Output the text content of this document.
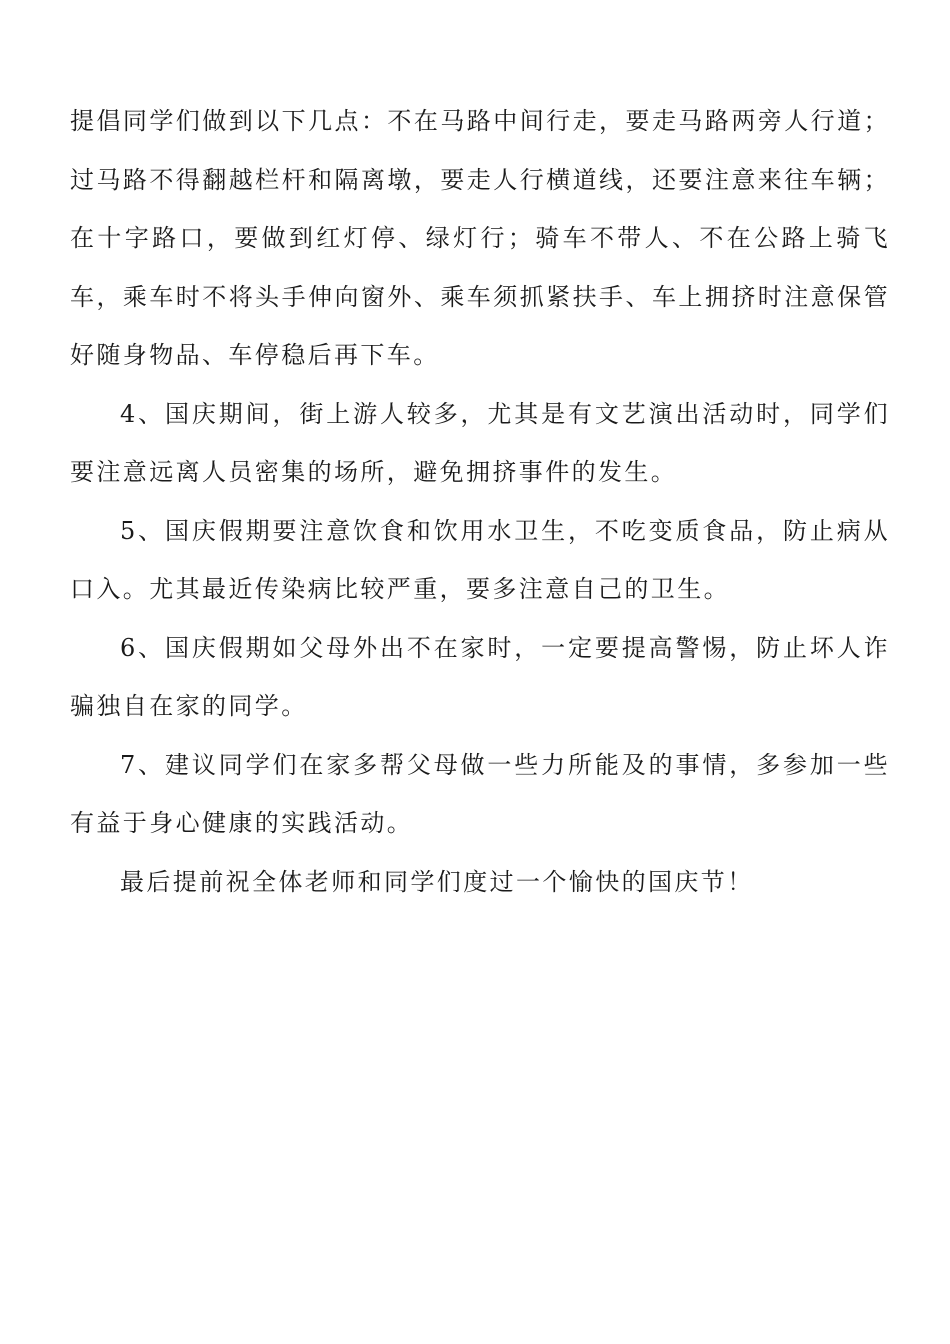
提倡同学们做到以下几点：不在马路中间行走，要走马路两旁人行道；过马路不得翻越栏杆和隔离墩，要走人行横道线，还要注意来往车辆；在十字路口，要做到红灯停、绿灯行；骑车不带人、不在公路上骑飞车，乘车时不将头手伸向窗外、乘车须抓紧扶手、车上拥挤时注意保管好随身物品、车停稳后再下车。

4、国庆期间，街上游人较多，尤其是有文艺演出活动时，同学们要注意远离人员密集的场所，避免拥挤事件的发生。

5、国庆假期要注意饮食和饮用水卫生，不吃变质食品，防止病从口入。尤其最近传染病比较严重，要多注意自己的卫生。

6、国庆假期如父母外出不在家时，一定要提高警惕，防止坏人诈骗独自在家的同学。

7、建议同学们在家多帮父母做一些力所能及的事情，多参加一些有益于身心健康的实践活动。

最后提前祝全体老师和同学们度过一个愉快的国庆节！
